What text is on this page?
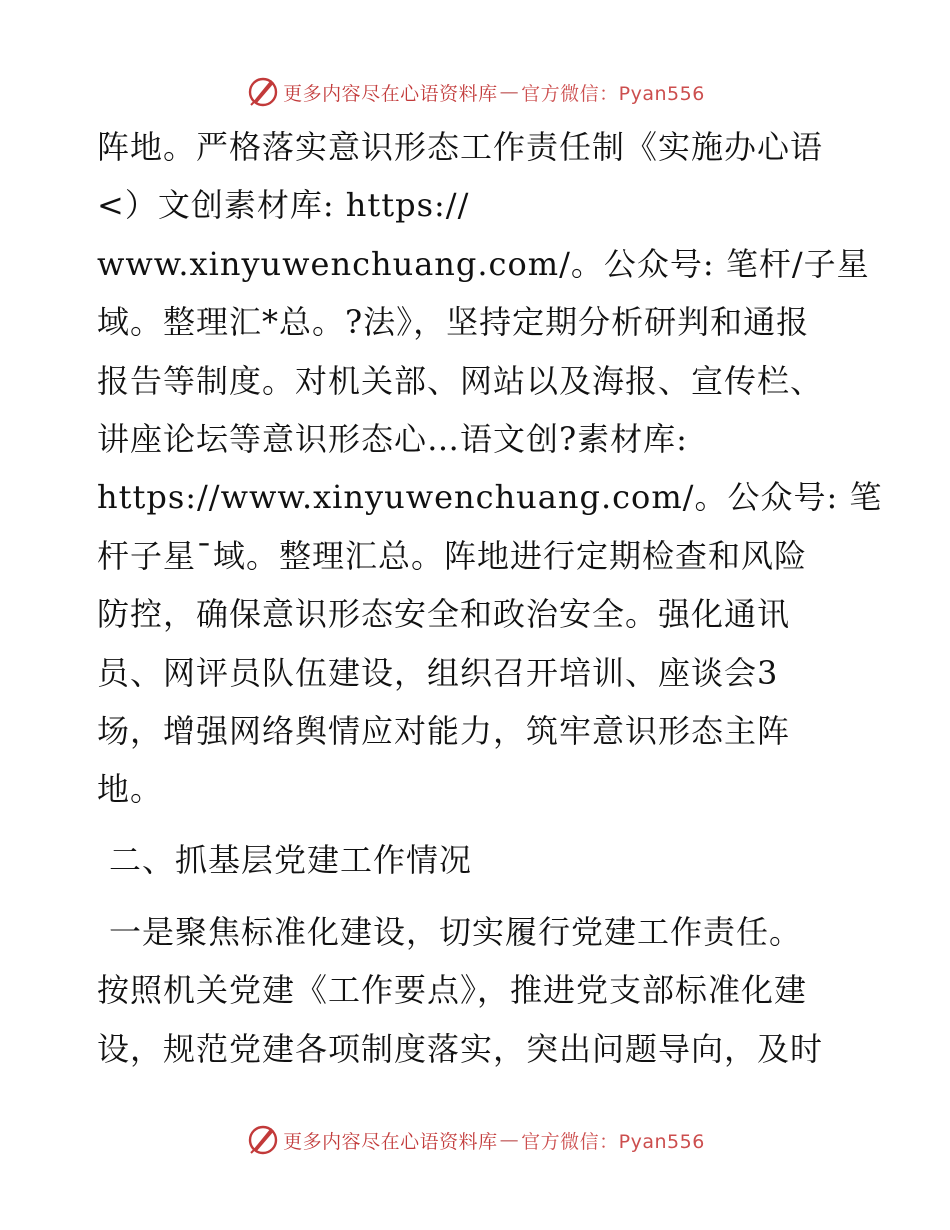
更多内容尽在心语资料库 — 官方微信：Pyan556
阵地。严格落实意识形态工作责任制《实施办心语
<）文创素材库: https://
www.xinyuwenchuang.com/。公众号: 笔杆/子星
域。整理汇*总。?法》，坚持定期分析研判和通报
报告等制度。对机关部、网站以及海报、宣传栏、
讲座论坛等意识形态心…语文创?素材库:
https://www.xinyuwenchuang.com/。公众号: 笔
杆子星¯域。整理汇总。阵地进行定期检查和风险
防控，确保意识形态安全和政治安全。强化通讯
员、网评员队伍建设，组织召开培训、座谈会3
场，增强网络舆情应对能力，筑牢意识形态主阵
地。
二、抓基层党建工作情况
一是聚焦标准化建设，切实履行党建工作责任。
按照机关党建《工作要点》，推进党支部标准化建
设，规范党建各项制度落实，突出问题导向，及时
更多内容尽在心语资料库 — 官方微信：Pyan556
